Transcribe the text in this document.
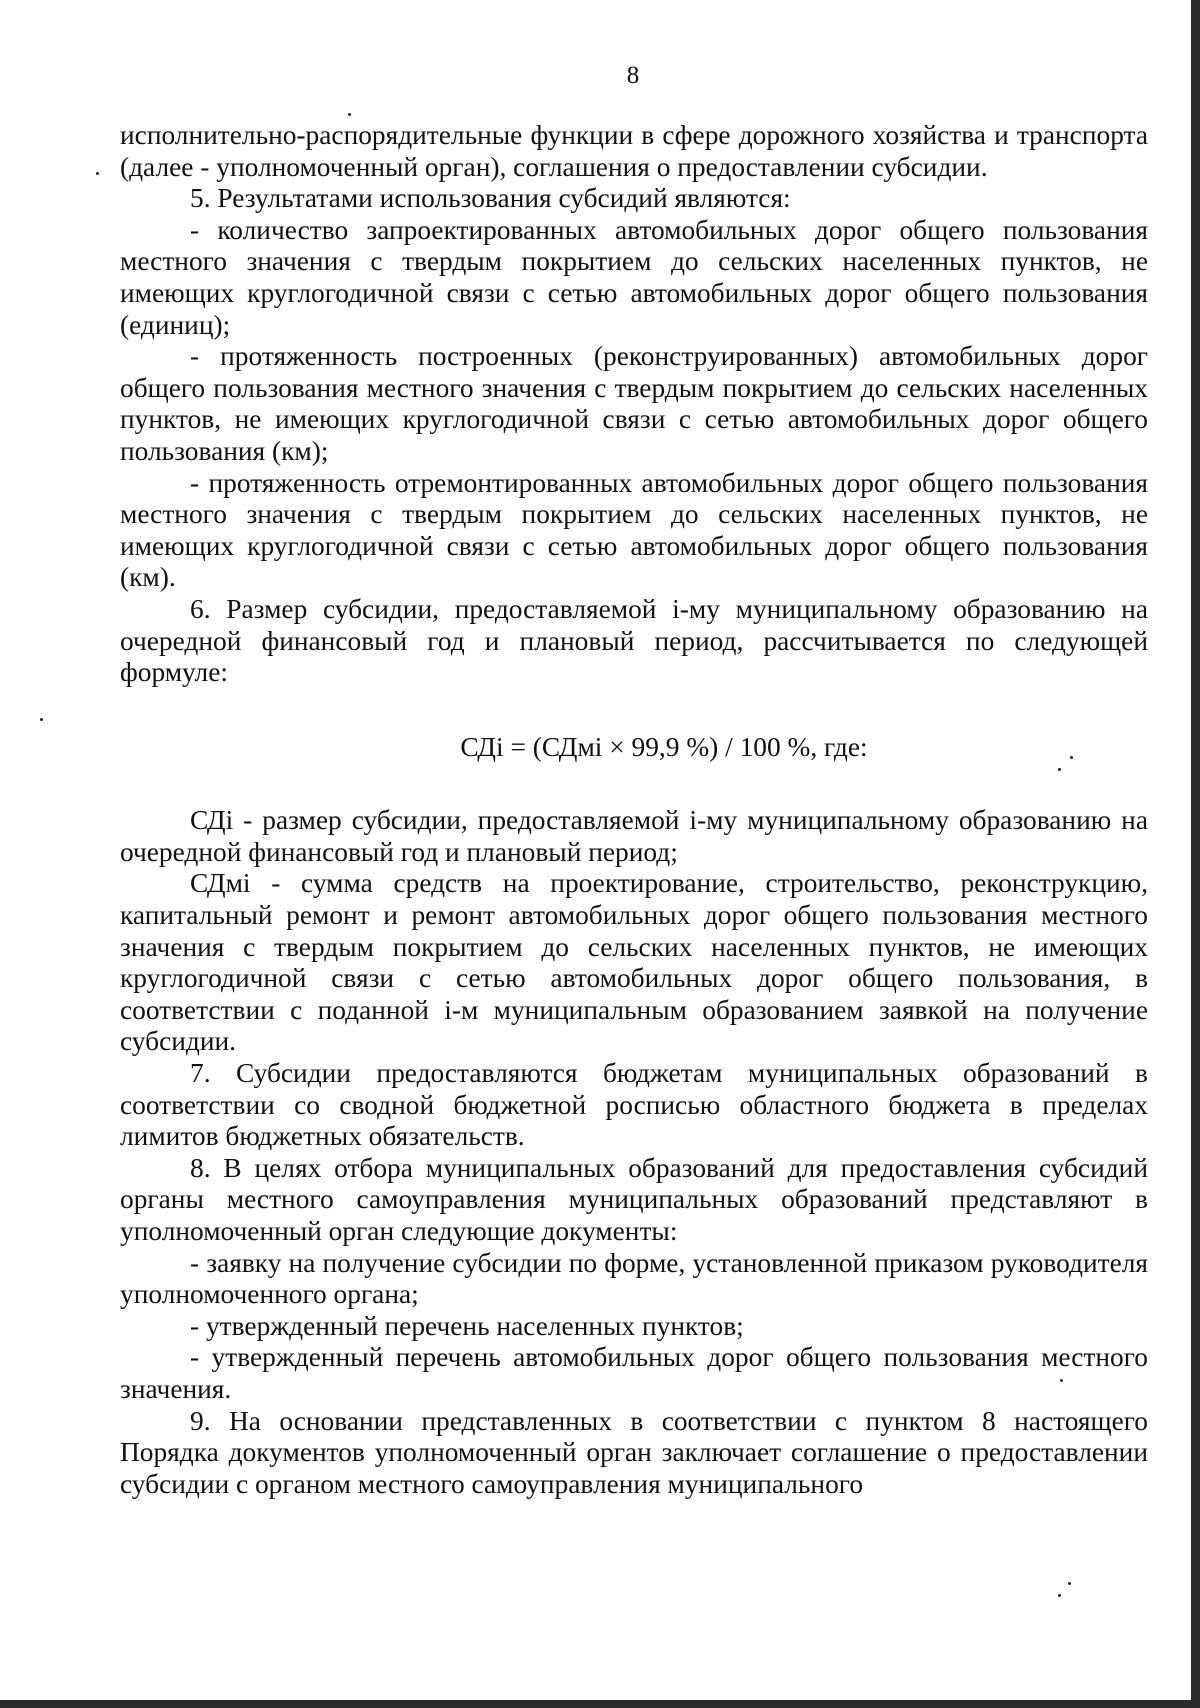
8

исполнительно-распорядительные функции в сфере дорожного хозяйства и транспорта (далее - уполномоченный орган), соглашения о предоставлении субсидии.

5. Результатами использования субсидий являются:

- количество запроектированных автомобильных дорог общего пользования местного значения с твердым покрытием до сельских населенных пунктов, не имеющих круглогодичной связи с сетью автомобильных дорог общего пользования (единиц);

- протяженность построенных (реконструированных) автомобильных дорог общего пользования местного значения с твердым покрытием до сельских населенных пунктов, не имеющих круглогодичной связи с сетью автомобильных дорог общего пользования (км);

- протяженность отремонтированных автомобильных дорог общего пользования местного значения с твердым покрытием до сельских населенных пунктов, не имеющих круглогодичной связи с сетью автомобильных дорог общего пользования (км).

6. Размер субсидии, предоставляемой i-му муниципальному образованию на очередной финансовый год и плановый период, рассчитывается по следующей формуле:

СДi = (СДмi × 99,9 %) / 100 %, где:

СДi - размер субсидии, предоставляемой i-му муниципальному образованию на очередной финансовый год и плановый период;

СДмi - сумма средств на проектирование, строительство, реконструкцию, капитальный ремонт и ремонт автомобильных дорог общего пользования местного значения с твердым покрытием до сельских населенных пунктов, не имеющих круглогодичной связи с сетью автомобильных дорог общего пользования, в соответствии с поданной i-м муниципальным образованием заявкой на получение субсидии.

7. Субсидии предоставляются бюджетам муниципальных образований в соответствии со сводной бюджетной росписью областного бюджета в пределах лимитов бюджетных обязательств.

8. В целях отбора муниципальных образований для предоставления субсидий органы местного самоуправления муниципальных образований представляют в уполномоченный орган следующие документы:

- заявку на получение субсидии по форме, установленной приказом руководителя уполномоченного органа;

- утвержденный перечень населенных пунктов;

- утвержденный перечень автомобильных дорог общего пользования местного значения.

9. На основании представленных в соответствии с пунктом 8 настоящего Порядка документов уполномоченный орган заключает соглашение о предоставлении субсидии с органом местного самоуправления муниципального
